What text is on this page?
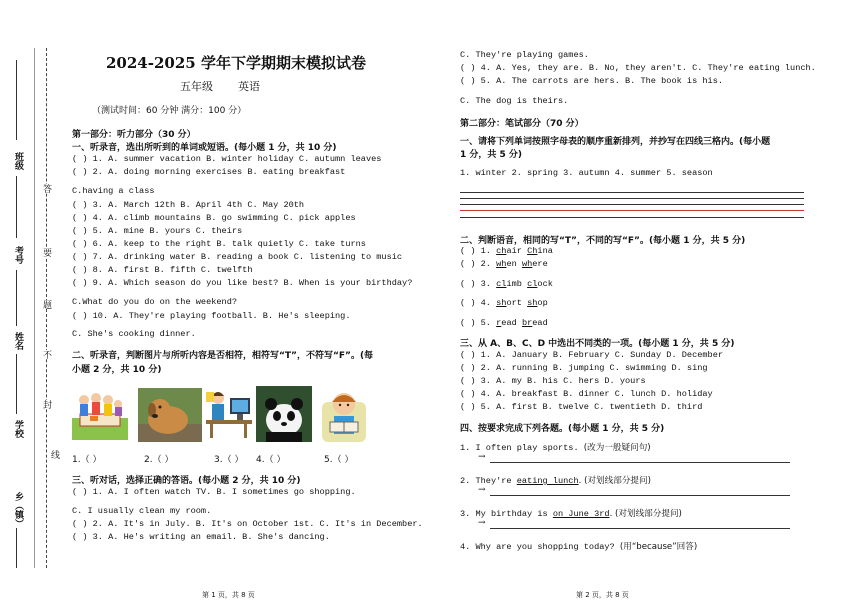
答
要
题
不
线
封
班级
考号
姓名
学校
乡（镇）
2024-2025 学年下学期期末模拟试卷
五年级 英语
（测试时间：60 分钟 满分：100 分）
第一部分：听力部分（30 分）
一、听录音，选出所听到的单词或短语。(每小题 1 分，共 10 分)
( ) 1. A. summer vacation B. winter holiday C. autumn leaves
( ) 2. A. doing morning exercises B. eating breakfast
C.having a class
( ) 3. A. March 12th B. April 4th C. May 20th
( ) 4. A. climb mountains B. go swimming C. pick apples
( ) 5. A. mine B. yours C. theirs
( ) 6. A. keep to the right B. talk quietly C. take turns
( ) 7. A. drinking water B. reading a book C. listening to music
( ) 8. A. first B. fifth C. twelfth
( ) 9. A. Which season do you like best? B. When is your birthday?
C.What do you do on the weekend?
( ) 10. A. They're playing football. B. He's sleeping.
C. She's cooking dinner.
二、听录音，判断图片与所听内容是否相符，相符写“T”，不符写“F”。(每
小题 2 分，共 10 分)
1.（ ）	2.（ ）	3.（ ） 4.（ ）	5.（ ）
三、听对话，选择正确的答语。(每小题 2 分，共 10 分)
( ) 1. A. I often watch TV. B. I sometimes go shopping.
C. I usually clean my room.
( ) 2. A. It's in July. B. It's on October 1st. C. It's in December.
( ) 3. A. He's writing an email. B. She's dancing.
第 1 页，共 8 页
C. They're playing games.
( ) 4. A. Yes, they are. B. No, they aren't. C. They're eating lunch.
( ) 5. A. The carrots are hers. B. The book is his.
C. The dog is theirs.
第二部分：笔试部分（70 分）
一、请将下列单词按照字母表的顺序重新排列，并抄写在四线三格内。(每小题
1 分，共 5 分)
1. winter 2. spring 3. autumn 4. summer 5. season
二、判断语音，相同的写“T”，不同的写“F”。(每小题 1 分，共 5 分)
( ) 1. chair China
( ) 2. when where
( ) 3. climb clock
( ) 4. short shop
( ) 5. read bread
三、从 A、B、C、D 中选出不同类的一项。(每小题 1 分，共 5 分)
( ) 1. A. January B. February C. Sunday D. December
( ) 2. A. running B. jumping C. swimming D. sing
( ) 3. A. my B. his C. hers D. yours
( ) 4. A. breakfast B. dinner C. lunch D. holiday
( ) 5. A. first B. twelve C. twentieth D. third
四、按要求完成下列各题。(每小题 1 分，共 5 分)
1. I often play sports. (改为一般疑问句)
→
2. They're eating lunch. (对划线部分提问)
→
3. My birthday is on June 3rd. (对划线部分提问)
→
4. Why are you shopping today? (用“because”回答)
第 2 页，共 8 页
